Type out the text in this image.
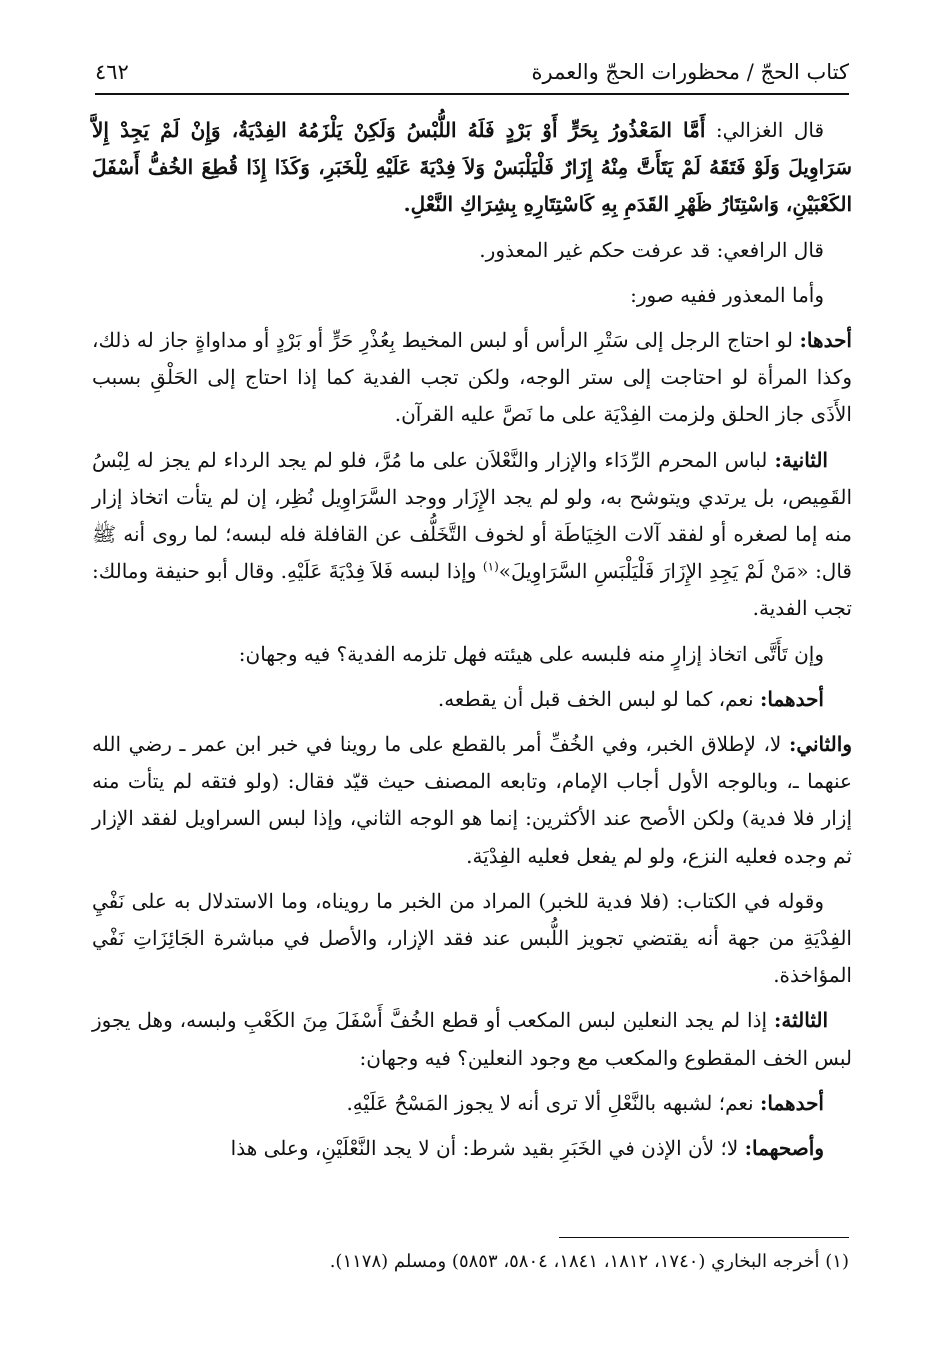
كتاب الحجّ / محظورات الحجّ والعمرة
٤٦٢

قال الغزالي: أَمَّا المَعْذُورُ بِحَرٍّ أَوْ بَرْدٍ فَلَهُ اللُّبْسُ وَلَكِنْ يَلْزَمُهُ الفِدْيَةُ، وَإِنْ لَمْ يَجِدْ إِلاَّ سَرَاوِيلَ وَلَوْ فَتَقَهُ لَمْ يَتَأَتَّ مِنْهُ إِزَارٌ فَلْيَلْبَسْ وَلاَ فِدْيَةَ عَلَيْهِ لِلْخَبَرِ، وَكَذَا إِذَا قُطِعَ الخُفُّ أَسْفَلَ الكَعْبَيْنِ، وَاسْتِتَارُ ظَهْرِ القَدَمِ بِهِ كَاسْتِتَارِهِ بِشِرَاكِ النَّعْلِ.

قال الرافعي: قد عرفت حكم غير المعذور.

وأما المعذور ففيه صور:

أحدها: لو احتاج الرجل إلى سَتْرِ الرأس أو لبس المخيط بِعُذْرِ حَرٍّ أو بَرْدٍ أو مداواةٍ جاز له ذلك، وكذا المرأة لو احتاجت إلى ستر الوجه، ولكن تجب الفدية كما إذا احتاج إلى الحَلْقِ بسبب الأَذَى جاز الحلق ولزمت الفِدْيَة على ما نَصَّ عليه القرآن.

الثانية: لباس المحرم الرِّدَاء والإزار والنَّعْلاَن على ما مُرَّ، فلو لم يجد الرداء لم يجز له لِبْسُ القَمِيص، بل يرتدي ويتوشح به، ولو لم يجد الإِزَار ووجد السَّرَاوِيل نُظِر، إن لم يتأت اتخاذ إزار منه إما لصغره أو لفقد آلات الخِيَاطَة أو لخوف التَّخَلُّف عن القافلة فله لبسه؛ لما روى أنه ﷺ قال: «مَنْ لَمْ يَجِدِ الإِزَارَ فَلْيَلْبَسِ السَّرَاوِيلَ»$^{(١)}$ وإذا لبسه فَلاَ فِدْيَةَ عَلَيْهِ. وقال أبو حنيفة ومالك: تجب الفدية.

وإن تَأَتَّى اتخاذ إزارٍ منه فلبسه على هيئته فهل تلزمه الفدية؟ فيه وجهان:

أحدهما: نعم، كما لو لبس الخف قبل أن يقطعه.

والثاني: لا، لإطلاق الخبر، وفي الخُفِّ أمر بالقطع على ما روينا في خبر ابن عمر ـ رضي الله عنهما ـ، وبالوجه الأول أجاب الإمام، وتابعه المصنف حيث قيّد فقال: (ولو فتقه لم يتأت منه إزار فلا فدية) ولكن الأصح عند الأكثرين: إنما هو الوجه الثاني، وإذا لبس السراويل لفقد الإزار ثم وجده فعليه النزع، ولو لم يفعل فعليه الفِدْيَة.

وقوله في الكتاب: (فلا فدية للخبر) المراد من الخبر ما رويناه، وما الاستدلال به على نَفْيِ الفِدْيَةِ من جهة أنه يقتضي تجويز اللُّبس عند فقد الإزار، والأصل في مباشرة الجَائِزَاتِ نَفْي المؤاخذة.

الثالثة: إذا لم يجد النعلين لبس المكعب أو قطع الخُفَّ أَسْفَلَ مِنَ الكَعْبِ ولبسه، وهل يجوز لبس الخف المقطوع والمكعب مع وجود النعلين؟ فيه وجهان:

أحدهما: نعم؛ لشبهه بالنَّعْلِ ألا ترى أنه لا يجوز المَسْحُ عَلَيْهِ.

وأصحهما: لا؛ لأن الإذن في الخَبَرِ بقيد شرط: أن لا يجد النَّعْلَيْنِ، وعلى هذا

(١) أخرجه البخاري (١٧٤٠، ١٨١٢، ١٨٤١، ٥٨٠٤، ٥٨٥٣) ومسلم (١١٧٨).
